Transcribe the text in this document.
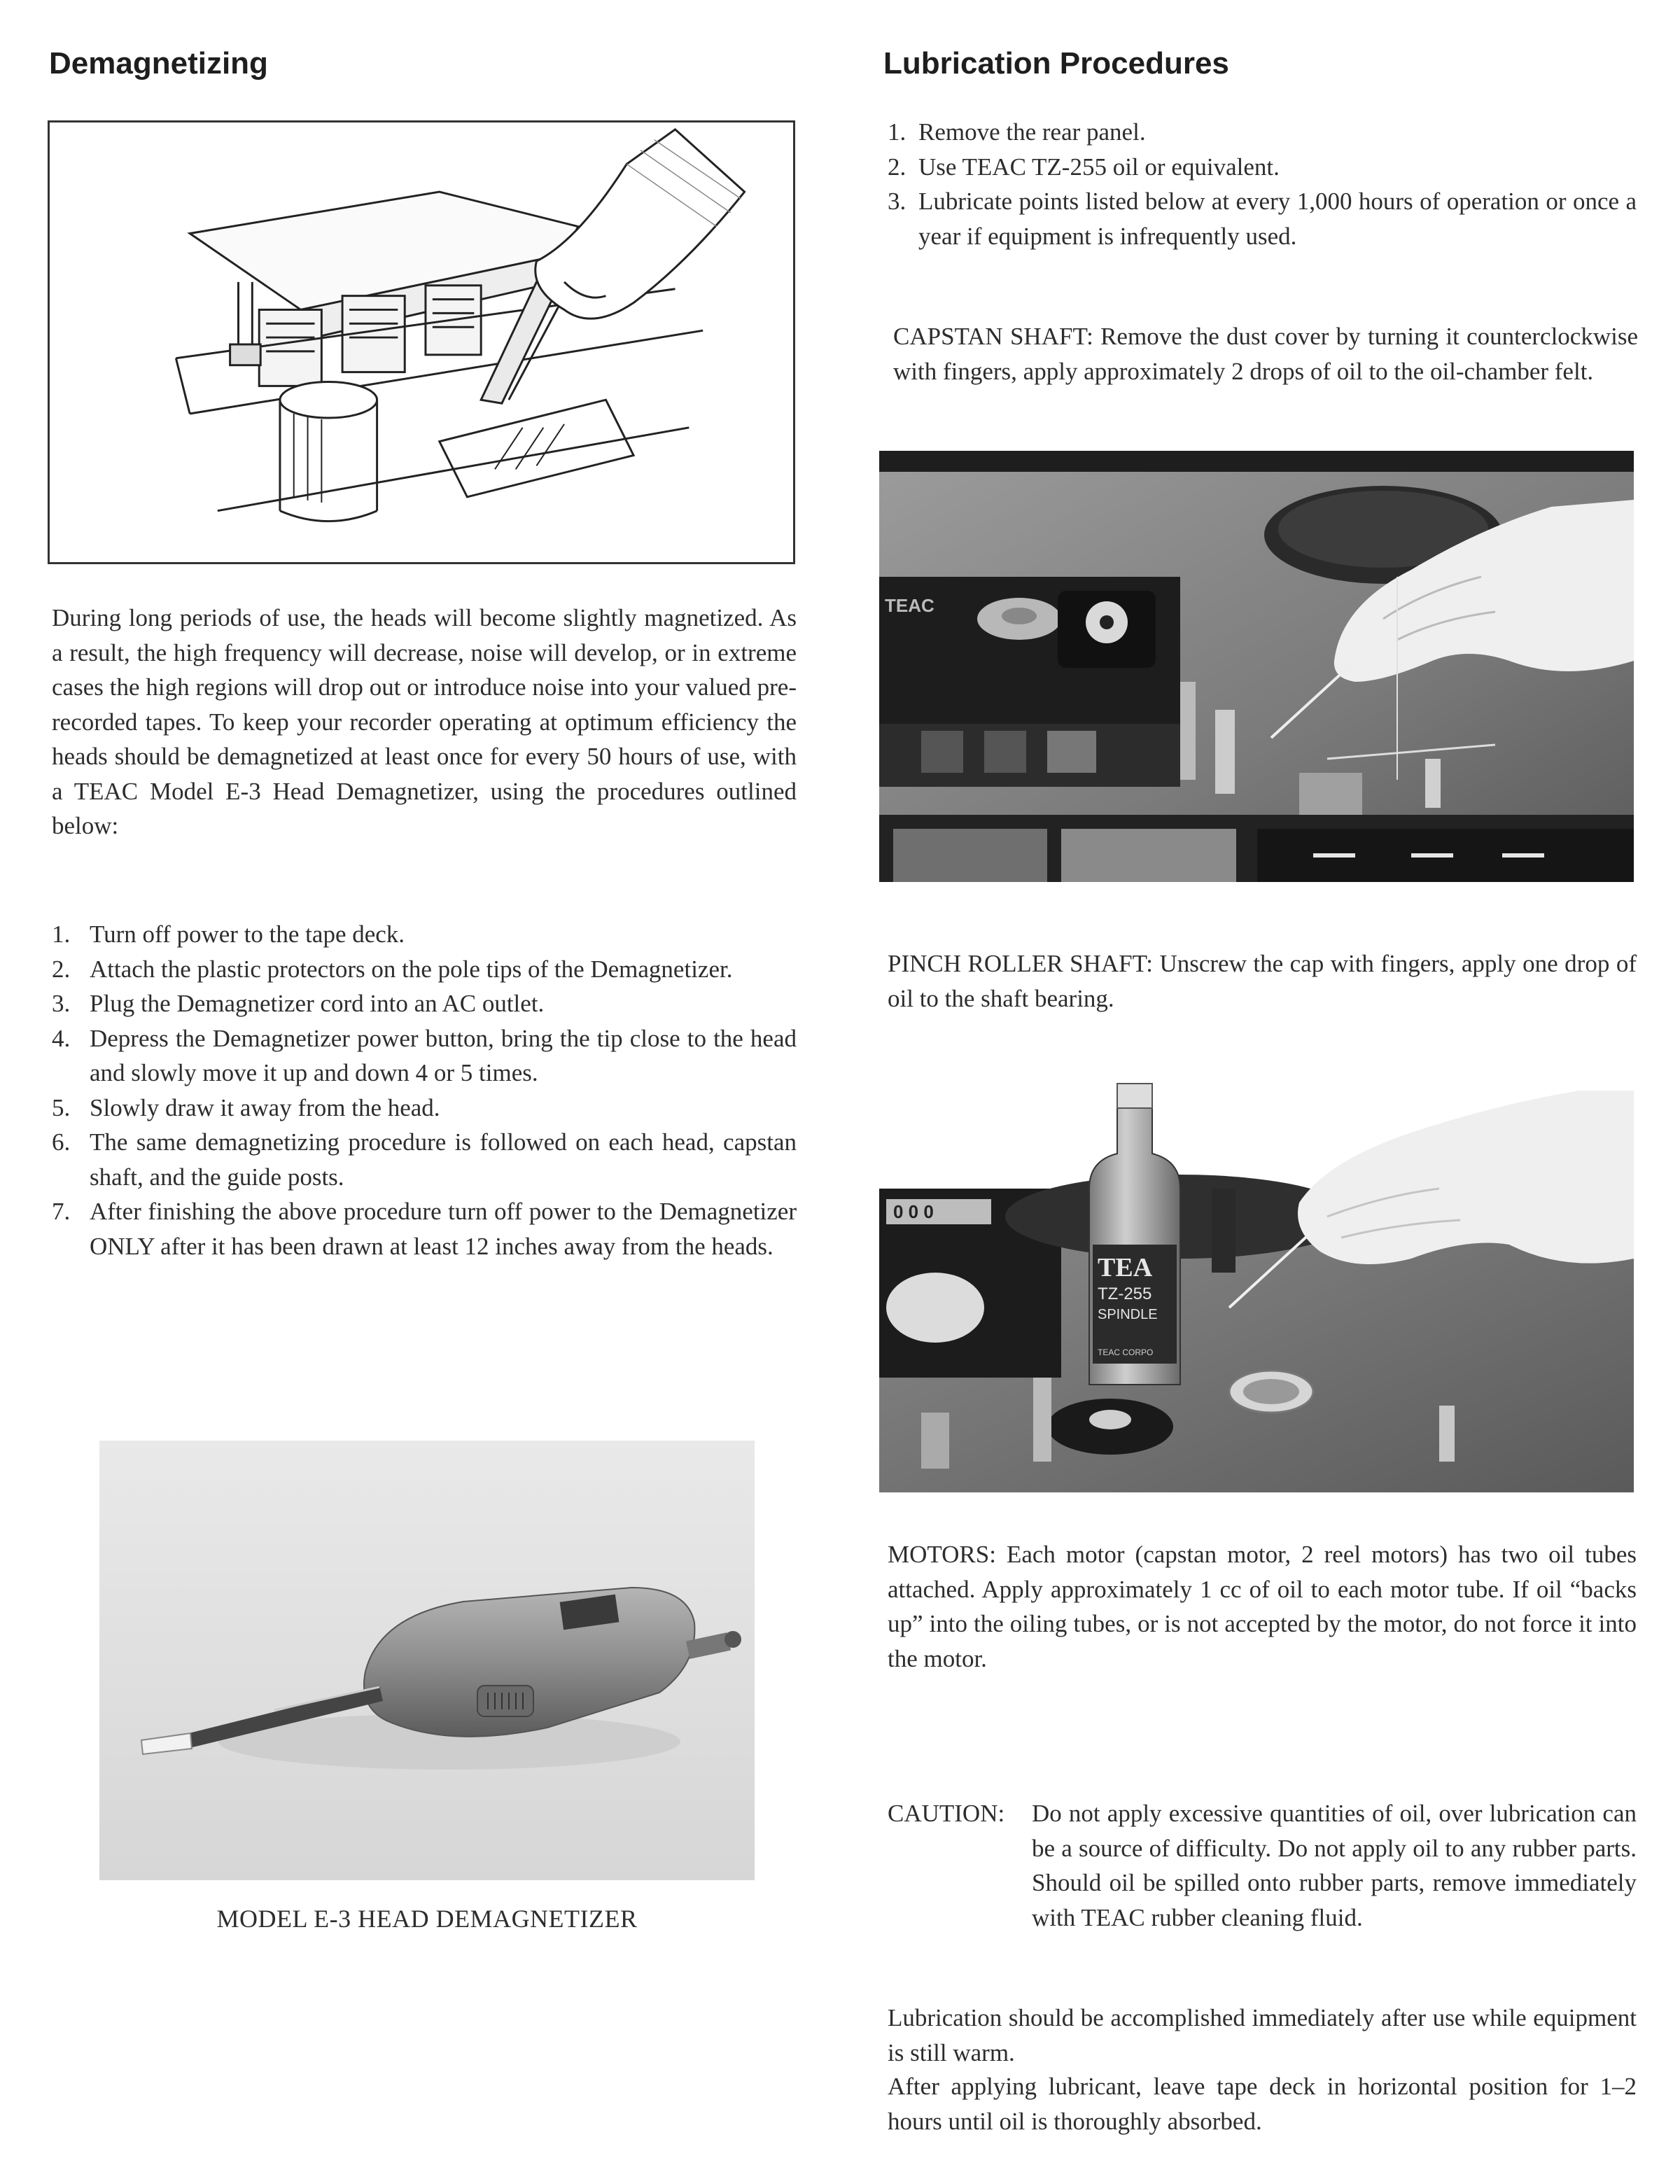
Demagnetizing

During long periods of use, the heads will become slightly magnetized. As a result, the high frequency will decrease, noise will develop, or in extreme cases the high regions will drop out or introduce noise into your valued pre-recorded tapes. To keep your recorder operating at optimum efficiency the heads should be demagnetized at least once for every 50 hours of use, with a TEAC Model E-3 Head Demagnetizer, using the procedures outlined below:

1. Turn off power to the tape deck.
2. Attach the plastic protectors on the pole tips of the Demagnetizer.
3. Plug the Demagnetizer cord into an AC outlet.
4. Depress the Demagnetizer power button, bring the tip close to the head and slowly move it up and down 4 or 5 times.
5. Slowly draw it away from the head.
6. The same demagnetizing procedure is followed on each head, capstan shaft, and the guide posts.
7. After finishing the above procedure turn off power to the Demagnetizer ONLY after it has been drawn at least 12 inches away from the heads.

MODEL E-3 HEAD DEMAGNETIZER

Lubrication Procedures
1. Remove the rear panel.
2. Use TEAC TZ-255 oil or equivalent.
3. Lubricate points listed below at every 1,000 hours of operation or once a year if equipment is infrequently used.

CAPSTAN SHAFT: Remove the dust cover by turning it counterclockwise with fingers, apply approximately 2 drops of oil to the oil-chamber felt.

TEAC

PINCH ROLLER SHAFT: Unscrew the cap with fingers, apply one drop of oil to the shaft bearing.

0 0 0
TEA
TZ-255
SPINDLE
TEAC CORPO

MOTORS: Each motor (capstan motor, 2 reel motors) has two oil tubes attached. Apply approximately 1 cc of oil to each motor tube. If oil “backs up” into the oiling tubes, or is not accepted by the motor, do not force it into the motor.

CAUTION: Do not apply excessive quantities of oil, over lubrication can be a source of difficulty. Do not apply oil to any rubber parts. Should oil be spilled onto rubber parts, remove immediately with TEAC rubber cleaning fluid.

Lubrication should be accomplished immediately after use while equipment is still warm.

After applying lubricant, leave tape deck in horizontal position for 1–2 hours until oil is thoroughly absorbed.
